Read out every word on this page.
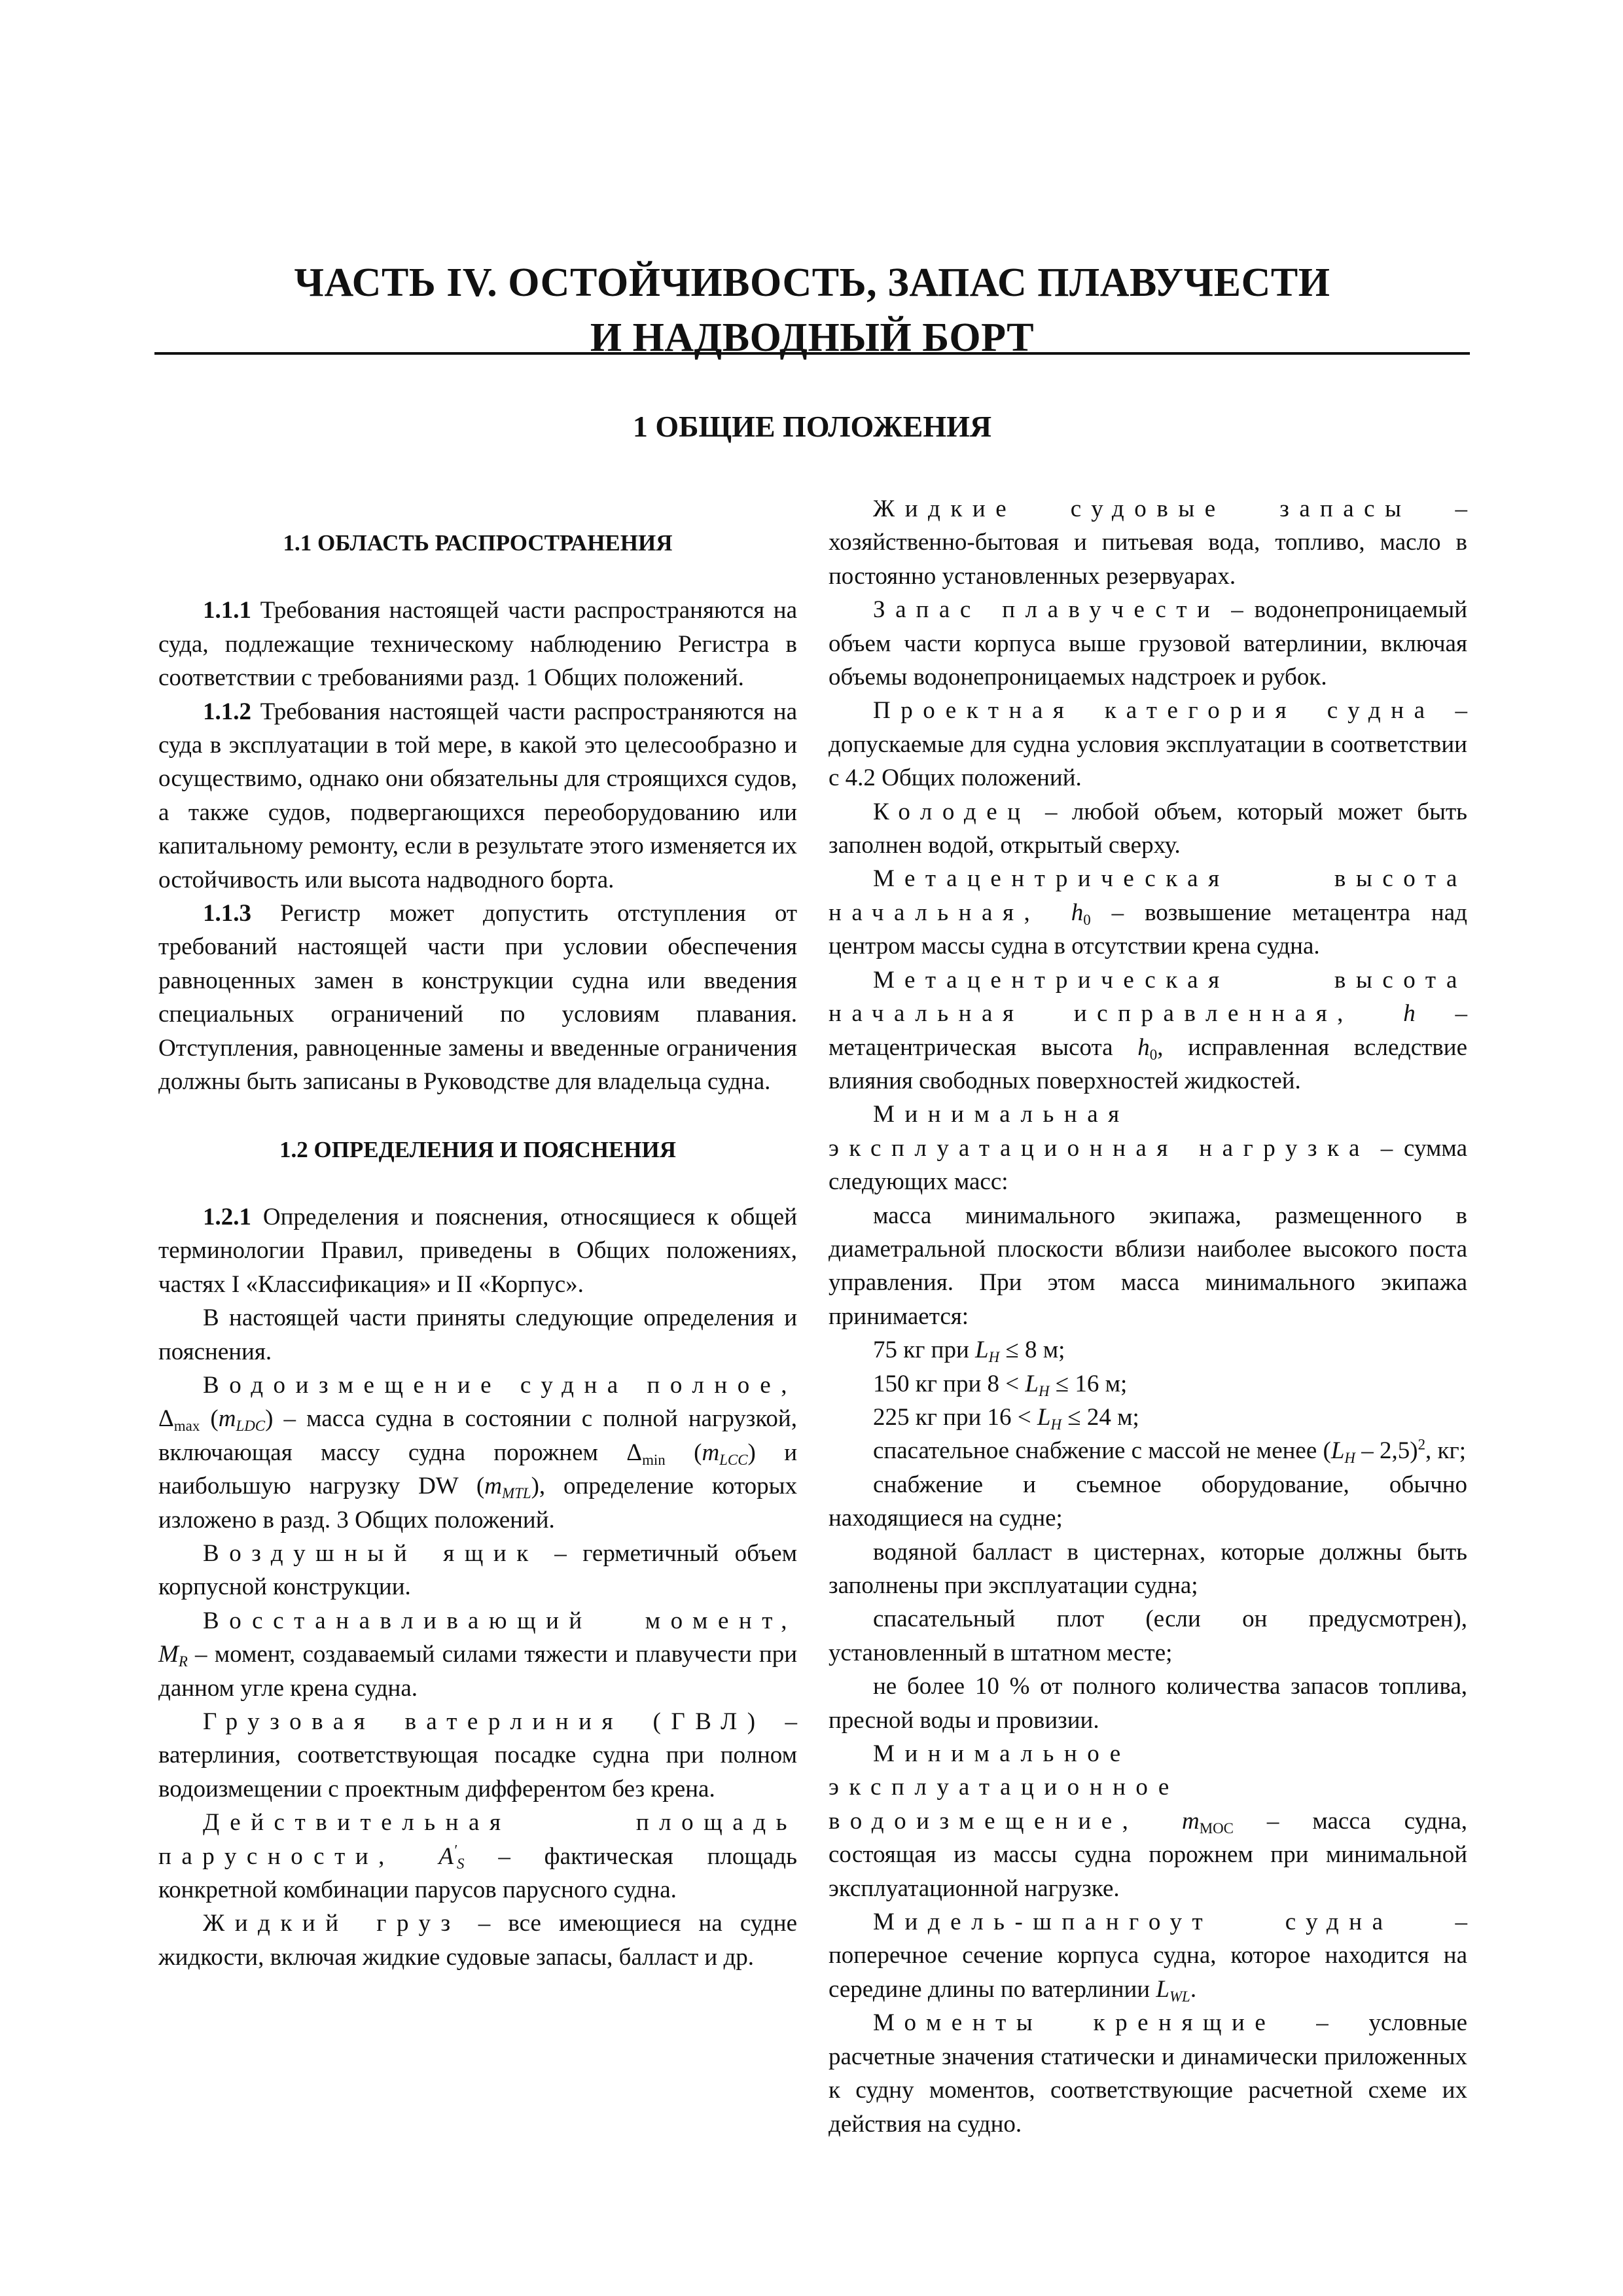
ЧАСТЬ IV. ОСТОЙЧИВОСТЬ, ЗАПАС ПЛАВУЧЕСТИ
И НАДВОДНЫЙ БОРТ
1 ОБЩИЕ ПОЛОЖЕНИЯ

1.1 ОБЛАСТЬ РАСПРОСТРАНЕНИЯ

1.1.1 Требования настоящей части распространяются на суда, подлежащие техническому наблюдению Регистра в соответствии с требованиями разд. 1 Общих положений.

1.1.2 Требования настоящей части распространяются на суда в эксплуатации в той мере, в какой это целесообразно и осуществимо, однако они обязательны для строящихся судов, а также судов, подвергающихся переоборудованию или капитальному ремонту, если в результате этого изменяется их остойчивость или высота надводного борта.

1.1.3 Регистр может допустить отступления от требований настоящей части при условии обеспечения равноценных замен в конструкции судна или введения специальных ограничений по условиям плавания. Отступления, равноценные замены и введенные ограничения должны быть записаны в Руководстве для владельца судна.

1.2 ОПРЕДЕЛЕНИЯ И ПОЯСНЕНИЯ

1.2.1 Определения и пояснения, относящиеся к общей терминологии Правил, приведены в Общих положениях, частях I «Классификация» и II «Корпус».

В настоящей части приняты следующие определения и пояснения.

Водоизмещение судна полное, $\Delta_{max}$ $(m_{LDC})$ – масса судна в состоянии с полной нагрузкой, включающая массу судна порожнем $\Delta_{min}$ $(m_{LCC})$ и наибольшую нагрузку DW $(m_{MTL})$, определение которых изложено в разд. 3 Общих положений.

Воздушный ящик – герметичный объем корпусной конструкции.

Восстанавливающий момент, $M_R$ – момент, создаваемый силами тяжести и плавучести при данном угле крена судна.

Грузовая ватерлиния (ГВЛ) – ватерлиния, соответствующая посадке судна при полном водоизмещении с проектным дифферентом без крена.

Действительная площадь парусности, $A'_S$ – фактическая площадь конкретной комбинации парусов парусного судна.

Жидкий груз – все имеющиеся на судне жидкости, включая жидкие судовые запасы, балласт и др.

Жидкие судовые запасы – хозяйственно-бытовая и питьевая вода, топливо, масло в постоянно установленных резервуарах.

Запас плавучести – водонепроницаемый объем части корпуса выше грузовой ватерлинии, включая объемы водонепроницаемых надстроек и рубок.

Проектная категория судна – допускаемые для судна условия эксплуатации в соответствии с 4.2 Общих положений.

Колодец – любой объем, который может быть заполнен водой, открытый сверху.

Метацентрическая высота начальная, $h_0$ – возвышение метацентра над центром массы судна в отсутствии крена судна.

Метацентрическая высота начальная исправленная, h – метацентрическая высота $h_0$, исправленная вследствие влияния свободных поверхностей жидкостей.

Минимальная эксплуатационная нагрузка – сумма следующих масс:

масса минимального экипажа, размещенного в диаметральной плоскости вблизи наиболее высокого поста управления. При этом масса минимального экипажа принимается:

75 кг при $L_H \le 8$ м;

150 кг при $8 < L_H \le 16$ м;

225 кг при $16 < L_H \le 24$ м;

спасательное снабжение с массой не менее $(L_H - 2,5)^2$, кг;

снабжение и съемное оборудование, обычно находящиеся на судне;

водяной балласт в цистернах, которые должны быть заполнены при эксплуатации судна;

спасательный плот (если он предусмотрен), установленный в штатном месте;

не более 10 % от полного количества запасов топлива, пресной воды и провизии.

Минимальное эксплуатационное водоизмещение, $m_{MOC}$ – масса судна, состоящая из массы судна порожнем при минимальной эксплуатационной нагрузке.

Мидель-шпангоут судна – поперечное сечение корпуса судна, которое находится на середине длины по ватерлинии $L_{WL}$.

Моменты кренящие – условные расчетные значения статически и динамически приложенных к судну моментов, соответствующие расчетной схеме их действия на судно.
